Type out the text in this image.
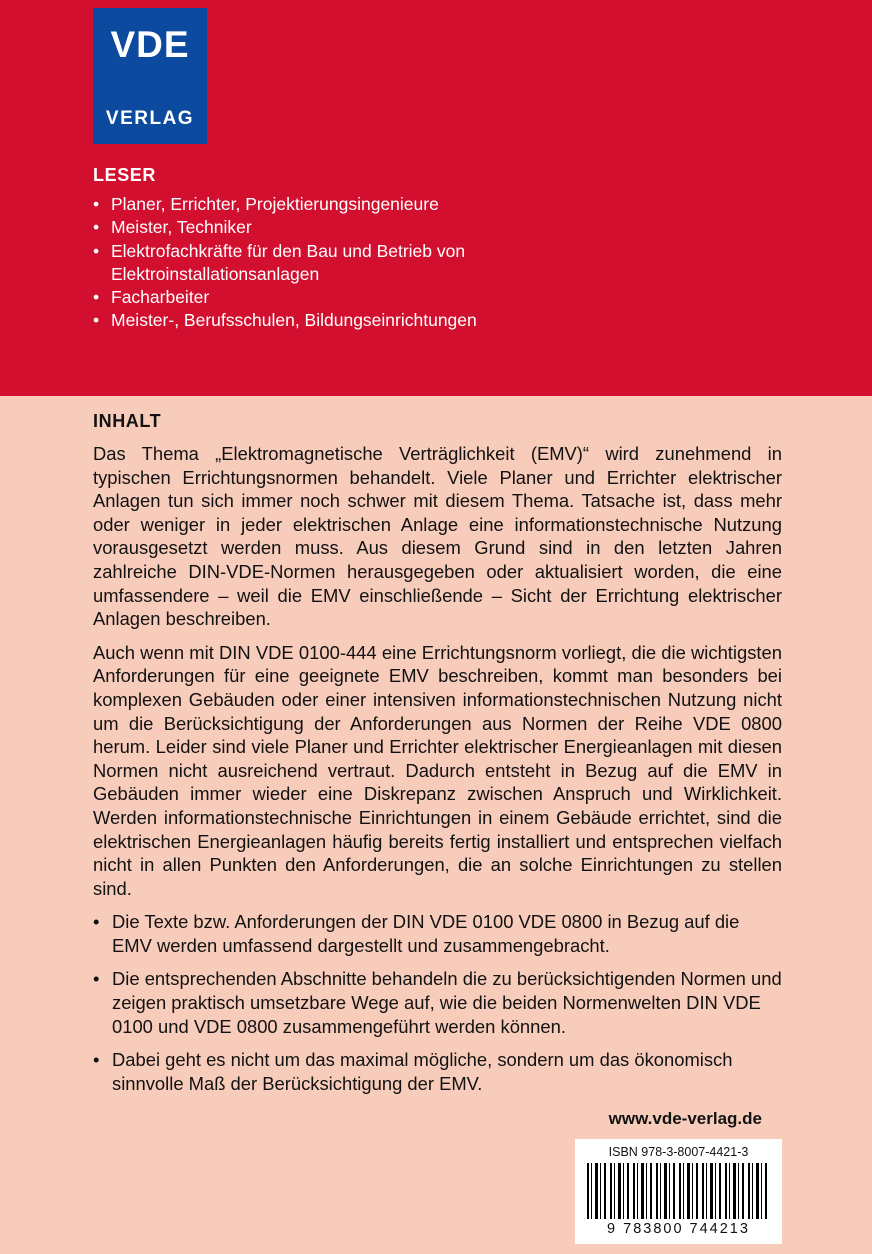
VDE
VERLAG
LESER
• Planer, Errichter, Projektierungsingenieure
• Meister, Techniker
• Elektrofachkräfte für den Bau und Betrieb von Elektroinstallationsanlagen
• Facharbeiter
• Meister-, Berufsschulen, Bildungseinrichtungen
INHALT

Das Thema „Elektromagnetische Verträglichkeit (EMV)“ wird zunehmend in typischen Errichtungsnormen behandelt. Viele Planer und Errichter elektrischer Anlagen tun sich immer noch schwer mit diesem Thema. Tatsache ist, dass mehr oder weniger in jeder elektrischen Anlage eine informationstechnische Nutzung vorausgesetzt werden muss. Aus diesem Grund sind in den letzten Jahren zahlreiche DIN-VDE-Normen herausgegeben oder aktualisiert worden, die eine umfassendere – weil die EMV einschließende – Sicht der Errichtung elektrischer Anlagen beschreiben.

Auch wenn mit DIN VDE 0100-444 eine Errichtungsnorm vorliegt, die die wichtigsten Anforderungen für eine geeignete EMV beschreiben, kommt man besonders bei komplexen Gebäuden oder einer intensiven informationstechnischen Nutzung nicht um die Berücksichtigung der Anforderungen aus Normen der Reihe VDE 0800 herum. Leider sind viele Planer und Errichter elektrischer Energieanlagen mit diesen Normen nicht ausreichend vertraut. Dadurch entsteht in Bezug auf die EMV in Gebäuden immer wieder eine Diskrepanz zwischen Anspruch und Wirklichkeit. Werden informationstechnische Einrichtungen in einem Gebäude errichtet, sind die elektrischen Energieanlagen häufig bereits fertig installiert und entsprechen vielfach nicht in allen Punkten den Anforderungen, die an solche Einrichtungen zu stellen sind.

• Die Texte bzw. Anforderungen der DIN VDE 0100 VDE 0800 in Bezug auf die EMV werden umfassend dargestellt und zusammengebracht.
• Die entsprechenden Abschnitte behandeln die zu berücksichtigenden Normen und zeigen praktisch umsetzbare Wege auf, wie die beiden Normenwelten DIN VDE 0100 und VDE 0800 zusammengeführt werden können.
• Dabei geht es nicht um das maximal mögliche, sondern um das ökonomisch sinnvolle Maß der Berücksichtigung der EMV.
www.vde-verlag.de
ISBN 978-3-8007-4421-3
9 783800 744213
